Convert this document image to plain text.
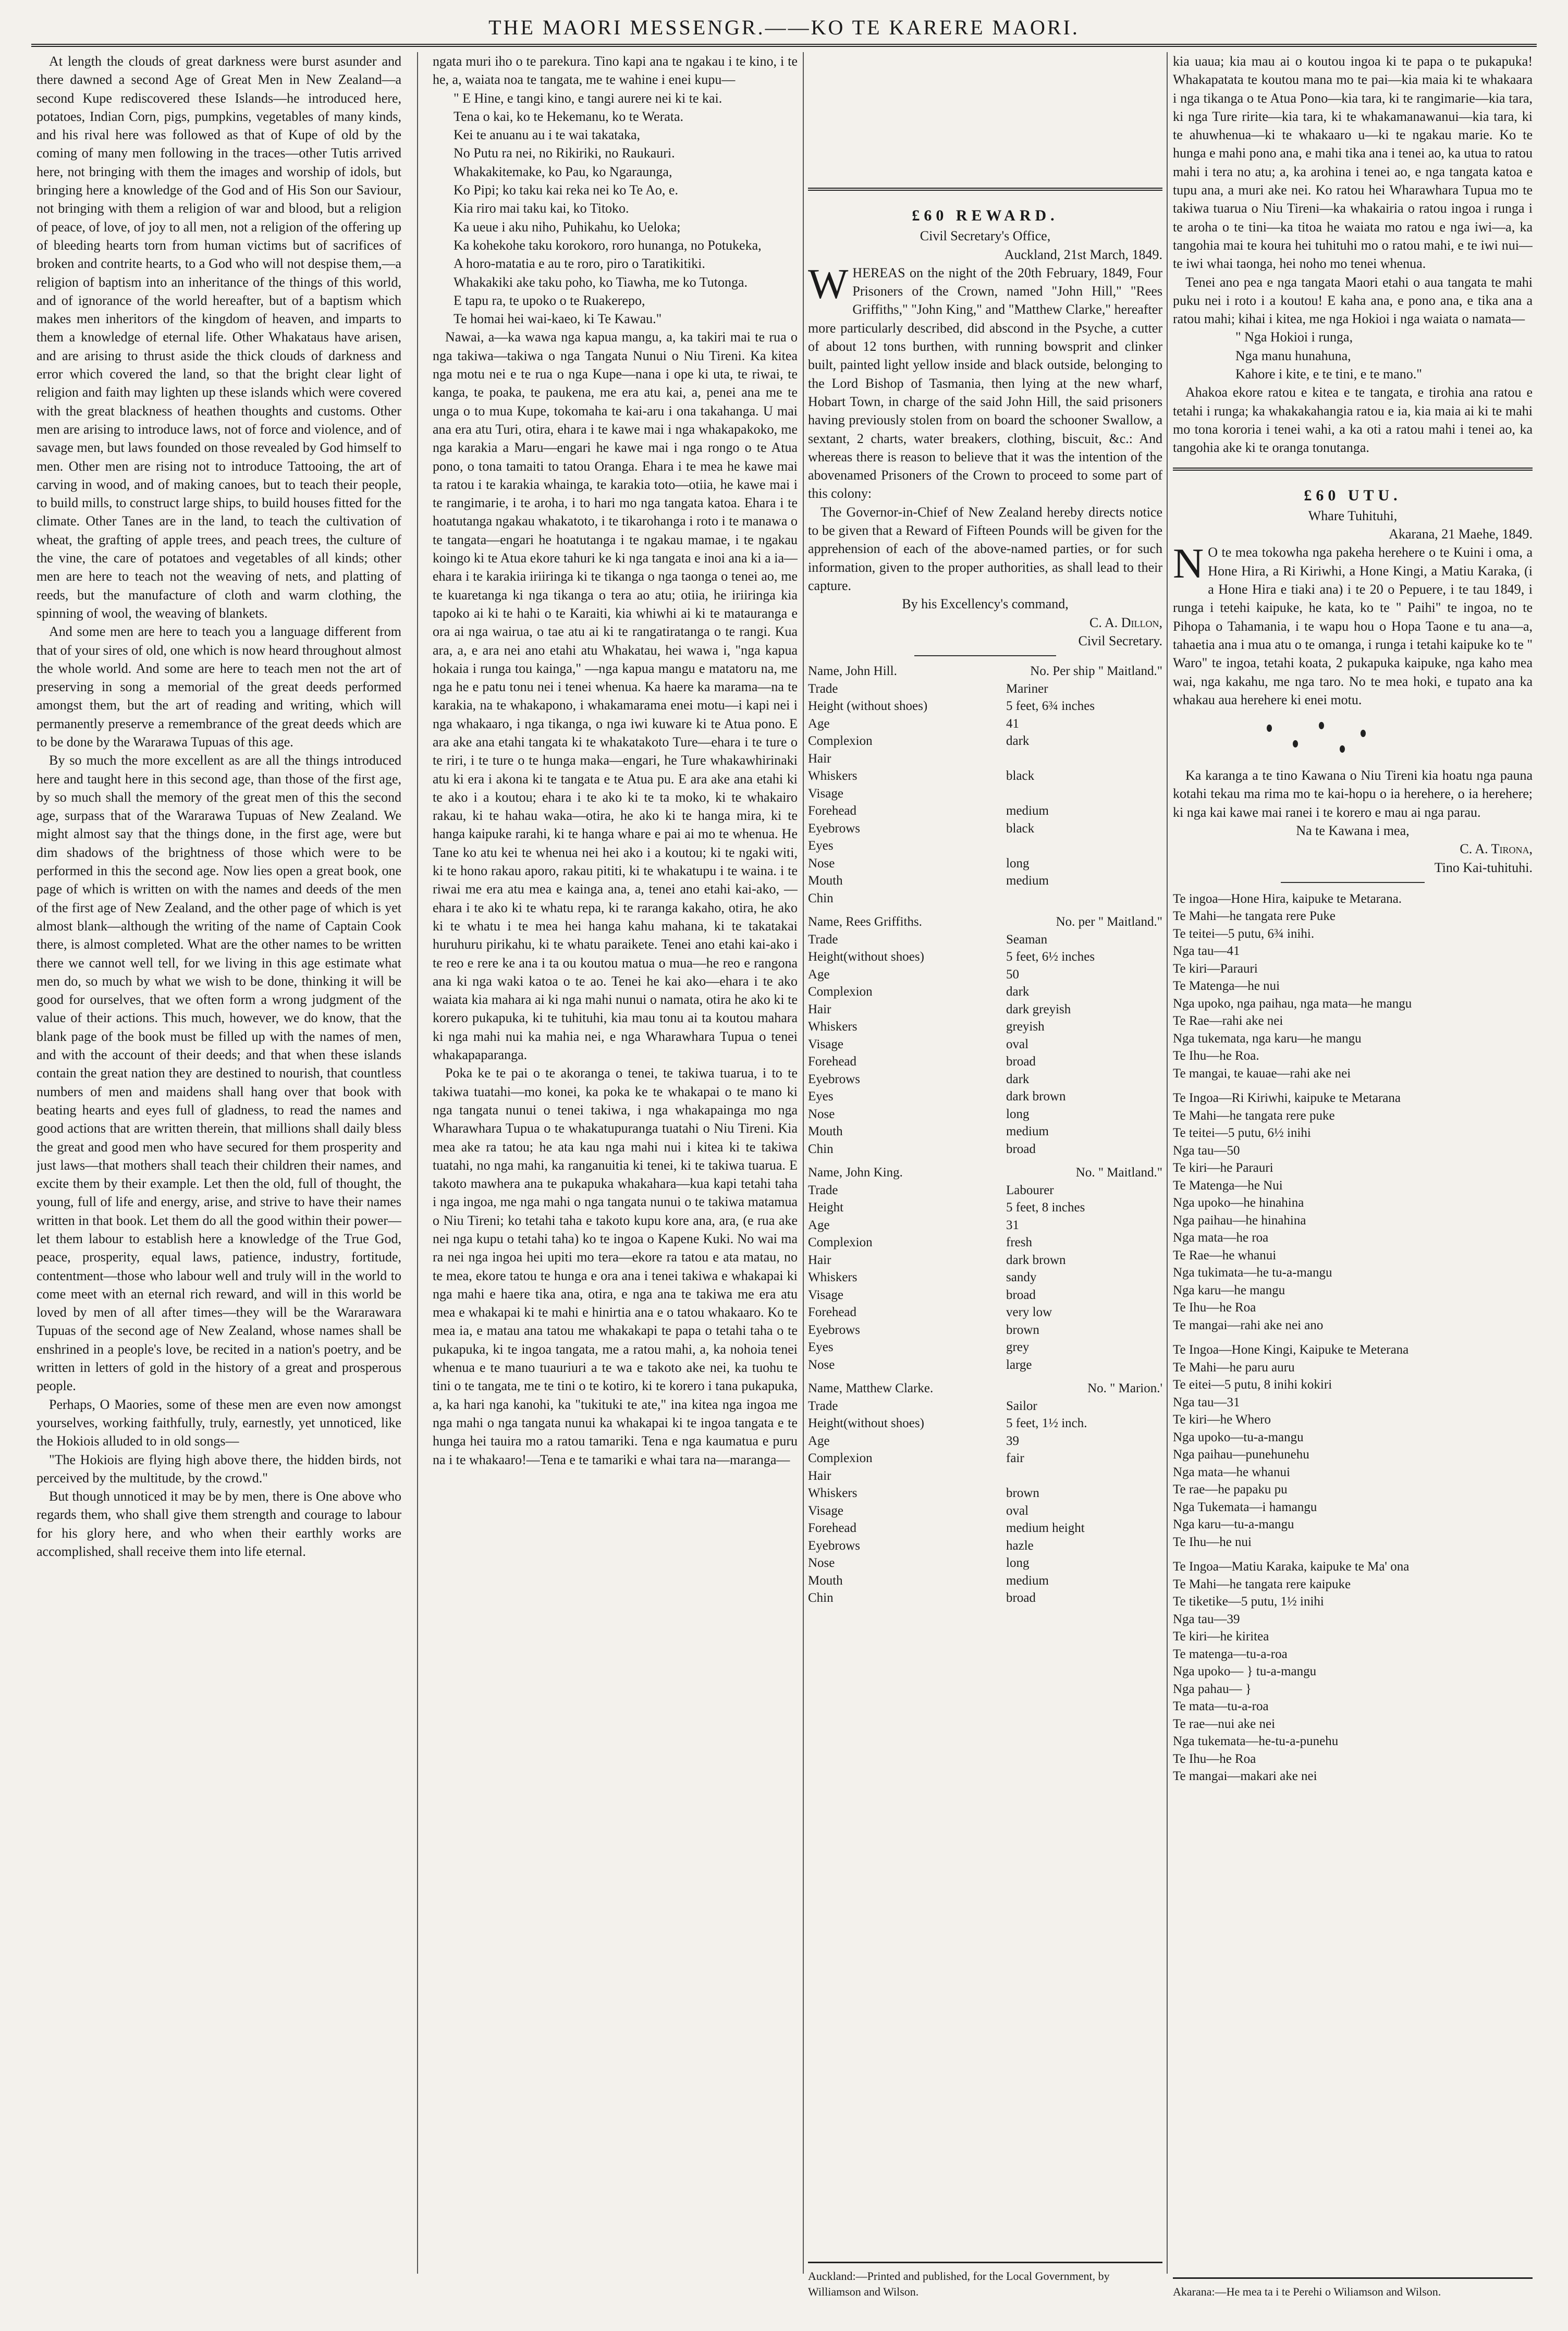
THE MAORI MESSENGR.——KO TE KARERE MAORI.

At length the clouds of great darkness were burst asunder and there dawned a second Age of Great Men in New Zealand—a second Kupe rediscovered these Islands—he introduced here, potatoes, Indian Corn, pigs, pumpkins, vegetables of many kinds, and his rival here was followed as that of Kupe of old by the coming of many men following in the traces—other Tutis arrived here, not bringing with them the images and worship of idols, but bringing here a knowledge of the God and of His Son our Saviour, not bringing with them a religion of war and blood, but a religion of peace, of love, of joy to all men, not a religion of the offering up of bleeding hearts torn from human victims but of sacrifices of broken and contrite hearts, to a God who will not despise them,—a religion of baptism into an inheritance of the things of this world, and of ignorance of the world hereafter, but of a baptism which makes men inheritors of the kingdom of heaven, and imparts to them a knowledge of eternal life. Other Whakataus have arisen, and are arising to thrust aside the thick clouds of darkness and error which covered the land, so that the bright clear light of religion and faith may lighten up these islands which were covered with the great blackness of heathen thoughts and customs. Other men are arising to introduce laws, not of force and violence, and of savage men, but laws founded on those revealed by God himself to men. Other men are rising not to introduce Tattooing, the art of carving in wood, and of making canoes, but to teach their people, to build mills, to construct large ships, to build houses fitted for the climate. Other Tanes are in the land, to teach the cultivation of wheat, the grafting of apple trees, and peach trees, the culture of the vine, the care of potatoes and vegetables of all kinds; other men are here to teach not the weaving of nets, and platting of reeds, but the manufacture of cloth and warm clothing, the spinning of wool, the weaving of blankets.

And some men are here to teach you a language different from that of your sires of old, one which is now heard throughout almost the whole world. And some are here to teach men not the art of preserving in song a memorial of the great deeds performed amongst them, but the art of reading and writing, which will permanently preserve a remembrance of the great deeds which are to be done by the Wararawa Tupuas of this age.

By so much the more excellent as are all the things introduced here and taught here in this second age, than those of the first age, by so much shall the memory of the great men of this the second age, surpass that of the Wararawa Tupuas of New Zealand. We might almost say that the things done, in the first age, were but dim shadows of the brightness of those which were to be performed in this the second age. Now lies open a great book, one page of which is written on with the names and deeds of the men of the first age of New Zealand, and the other page of which is yet almost blank—although the writing of the name of Captain Cook there, is almost completed. What are the other names to be written there we cannot well tell, for we living in this age estimate what men do, so much by what we wish to be done, thinking it will be good for ourselves, that we often form a wrong judgment of the value of their actions. This much, however, we do know, that the blank page of the book must be filled up with the names of men, and with the account of their deeds; and that when these islands contain the great nation they are destined to nourish, that countless numbers of men and maidens shall hang over that book with beating hearts and eyes full of gladness, to read the names and good actions that are written therein, that millions shall daily bless the great and good men who have secured for them prosperity and just laws—that mothers shall teach their children their names, and excite them by their example. Let then the old, full of thought, the young, full of life and energy, arise, and strive to have their names written in that book. Let them do all the good within their power—let them labour to establish here a knowledge of the True God, peace, prosperity, equal laws, patience, industry, fortitude, contentment—those who labour well and truly will in the world to come meet with an eternal rich reward, and will in this world be loved by men of all after times—they will be the Wararawara Tupuas of the second age of New Zealand, whose names shall be enshrined in a people's love, be recited in a nation's poetry, and be written in letters of gold in the history of a great and prosperous people.

Perhaps, O Maories, some of these men are even now amongst yourselves, working faithfully, truly, earnestly, yet unnoticed, like the Hokiois alluded to in old songs—

"The Hokiois are flying high above there, the hidden birds, not perceived by the multitude, by the crowd."

But though unnoticed it may be by men, there is One above who regards them, who shall give them strength and courage to labour for his glory here, and who when their earthly works are accomplished, shall receive them into life eternal.

ngata muri iho o te parekura. Tino kapi ana te ngakau i te kino, i te he, a, waiata noa te tangata, me te wahine i enei kupu—

" E Hine, e tangi kino, e tangi aurere nei ki te kai.
Tena o kai, ko te Hekemanu, ko te Werata.
Kei te anuanu au i te wai takataka,
No Putu ra nei, no Rikiriki, no Raukauri.
Whakakitemake, ko Pau, ko Ngaraunga,
Ko Pipi; ko taku kai reka nei ko Te Ao, e.
Kia riro mai taku kai, ko Titoko.
Ka ueue i aku niho, Puhikahu, ko Ueloka;
Ka kohekohe taku korokoro, roro hunanga, no Potukeka,
A horo-matatia e au te roro, piro o Taratikitiki.
Whakakiki ake taku poho, ko Tiawha, me ko Tutonga.
E tapu ra, te upoko o te Ruakerepo,
Te homai hei wai-kaeo, ki Te Kawau."

Nawai, a—ka wawa nga kapua mangu, a, ka takiri mai te rua o nga takiwa—takiwa o nga Tangata Nunui o Niu Tireni. Ka kitea nga motu nei e te rua o nga Kupe—nana i ope ki uta, te riwai, te kanga, te poaka, te paukena, me era atu kai, a, penei ana me te unga o to mua Kupe, tokomaha te kai-aru i ona takahanga. U mai ana era atu Turi, otira, ehara i te kawe mai i nga whakapakoko, me nga karakia a Maru—engari he kawe mai i nga rongo o te Atua pono, o tona tamaiti to tatou Oranga. Ehara i te mea he kawe mai ta ratou i te karakia whainga, te karakia toto—otiia, he kawe mai i te rangimarie, i te aroha, i to hari mo nga tangata katoa. Ehara i te hoatutanga ngakau whakatoto, i te tikarohanga i roto i te manawa o te tangata—engari he hoatutanga i te ngakau mamae, i te ngakau koingo ki te Atua ekore tahuri ke ki nga tangata e inoi ana ki a ia—ehara i te karakia iriiringa ki te tikanga o nga taonga o tenei ao, me te kuaretanga ki nga tikanga o tera ao atu; otiia, he iriiringa kia tapoko ai ki te hahi o te Karaiti, kia whiwhi ai ki te matauranga e ora ai nga wairua, o tae atu ai ki te rangatiratanga o te rangi. Kua ara, a, e ara nei ano etahi atu Whakatau, hei wawa i, "nga kapua hokaia i runga tou kainga," —nga kapua mangu e matatoru na, me nga he e patu tonu nei i tenei whenua. Ka haere ka marama—na te karakia, na te whakapono, i whakamarama enei motu—i kapi nei i nga whakaaro, i nga tikanga, o nga iwi kuware ki te Atua pono. E ara ake ana etahi tangata ki te whakatakoto Ture—ehara i te ture o te riri, i te ture o te hunga maka—engari, he Ture whakawhirinaki atu ki era i akona ki te tangata e te Atua pu. E ara ake ana etahi ki te ako i a koutou; ehara i te ako ki te ta moko, ki te whakairo rakau, ki te hahau waka—otira, he ako ki te hanga mira, ki te hanga kaipuke rarahi, ki te hanga whare e pai ai mo te whenua. He Tane ko atu kei te whenua nei hei ako i a koutou; ki te ngaki witi, ki te hono rakau aporo, rakau pititi, ki te whakatupu i te waina. i te riwai me era atu mea e kainga ana, a, tenei ano etahi kai-ako, —ehara i te ako ki te whatu repa, ki te raranga kakaho, otira, he ako ki te whatu i te mea hei hanga kahu mahana, ki te takatakai huruhuru pirikahu, ki te whatu paraikete. Tenei ano etahi kai-ako i te reo e rere ke ana i ta ou koutou matua o mua—he reo e rangona ana ki nga waki katoa o te ao. Tenei he kai ako—ehara i te ako waiata kia mahara ai ki nga mahi nunui o namata, otira he ako ki te korero pukapuka, ki te tuhituhi, kia mau tonu ai ta koutou mahara ki nga mahi nui ka mahia nei, e nga Wharawhara Tupua o tenei whakapaparanga.

Poka ke te pai o te akoranga o tenei, te takiwa tuarua, i to te takiwa tuatahi—mo konei, ka poka ke te whakapai o te mano ki nga tangata nunui o tenei takiwa, i nga whakapainga mo nga Wharawhara Tupua o te whakatupuranga tuatahi o Niu Tireni. Kia mea ake ra tatou; he ata kau nga mahi nui i kitea ki te takiwa tuatahi, no nga mahi, ka ranganuitia ki tenei, ki te takiwa tuarua. E takoto mawhera ana te pukapuka whakahara—kua kapi tetahi taha i nga ingoa, me nga mahi o nga tangata nunui o te takiwa matamua o Niu Tireni; ko tetahi taha e takoto kupu kore ana, ara, (e rua ake nei nga kupu o tetahi taha) ko te ingoa o Kapene Kuki. No wai ma ra nei nga ingoa hei upiti mo tera—ekore ra tatou e ata matau, no te mea, ekore tatou te hunga e ora ana i tenei takiwa e whakapai ki nga mahi e haere tika ana, otira, e nga ana te takiwa me era atu mea e whakapai ki te mahi e hinirtia ana e o tatou whakaaro. Ko te mea ia, e matau ana tatou me whakakapi te papa o tetahi taha o te pukapuka, ki te ingoa tangata, me a ratou mahi, a, ka nohoia tenei whenua e te mano tuauriuri a te wa e takoto ake nei, ka tuohu te tini o te tangata, me te tini o te kotiro, ki te korero i tana pukapuka, a, ka hari nga kanohi, ka "tukituki te ate," ina kitea nga ingoa me nga mahi o nga tangata nunui ka whakapai ki te ingoa tangata e te hunga hei tauira mo a ratou tamariki. Tena e nga kaumatua e puru na i te whakaaro!—Tena e te tamariki e whai tara na—maranga—

£60 REWARD.

Civil Secretary's Office,

Auckland, 21st March, 1849.

WHEREAS on the night of the 20th February, 1849, Four Prisoners of the Crown, named "John Hill," "Rees Griffiths," "John King," and "Matthew Clarke," hereafter more particularly described, did abscond in the Psyche, a cutter of about 12 tons burthen, with running bowsprit and clinker built, painted light yellow inside and black outside, belonging to the Lord Bishop of Tasmania, then lying at the new wharf, Hobart Town, in charge of the said John Hill, the said prisoners having previously stolen from on board the schooner Swallow, a sextant, 2 charts, water breakers, clothing, biscuit, &c.: And whereas there is reason to believe that it was the intention of the abovenamed Prisoners of the Crown to proceed to some part of this colony:

The Governor-in-Chief of New Zealand hereby directs notice to be given that a Reward of Fifteen Pounds will be given for the apprehension of each of the above-named parties, or for such information, given to the proper authorities, as shall lead to their capture.

By his Excellency's command,

C. A. Dillon,

Civil Secretary.

Name, John Hill.	No. Per ship " Maitland."
Trade	Mariner
Height (without shoes)	5 feet, 6¾ inches
Age	41
Complexion	dark
Hair
Whiskers	black
Visage
Forehead	medium
Eyebrows	black
Eyes
Nose	long
Mouth	medium
Chin
Name, Rees Griffiths.	No. per " Maitland."
Trade	Seaman
Height(without shoes)	5 feet, 6½ inches
Age	50
Complexion	dark
Hair	dark greyish
Whiskers	greyish
Visage	oval
Forehead	broad
Eyebrows	dark
Eyes	dark brown
Nose	long
Mouth	medium
Chin	broad
Name, John King.	No. " Maitland."
Trade	Labourer
Height	5 feet, 8 inches
Age	31
Complexion	fresh
Hair	dark brown
Whiskers	sandy
Visage	broad
Forehead	very low
Eyebrows	brown
Eyes	grey
Nose	large
Name, Matthew Clarke.	No. " Marion.'
Trade	Sailor
Height(without shoes)	5 feet, 1½ inch.
Age	39
Complexion	fair
Hair
Whiskers	brown
Visage	oval
Forehead	medium height
Eyebrows	hazle
Nose	long
Mouth	medium
Chin	broad

kia uaua; kia mau ai o koutou ingoa ki te papa o te pukapuka! Whakapatata te koutou mana mo te pai—kia maia ki te whakaara i nga tikanga o te Atua Pono—kia tara, ki te rangimarie—kia tara, ki nga Ture ririte—kia tara, ki te whakamanawanui—kia tara, ki te ahuwhenua—ki te whakaaro u—ki te ngakau marie. Ko te hunga e mahi pono ana, e mahi tika ana i tenei ao, ka utua to ratou mahi i tera no atu; a, ka arohina i tenei ao, e nga tangata katoa e tupu ana, a muri ake nei. Ko ratou hei Wharawhara Tupua mo te takiwa tuarua o Niu Tireni—ka whakairia o ratou ingoa i runga i te aroha o te tini—ka titoa he waiata mo ratou e nga iwi—a, ka tangohia mai te koura hei tuhituhi mo o ratou mahi, e te iwi nui—te iwi whai taonga, hei noho mo tenei whenua.

Tenei ano pea e nga tangata Maori etahi o aua tangata te mahi puku nei i roto i a koutou! E kaha ana, e pono ana, e tika ana a ratou mahi; kihai i kitea, me nga Hokioi i nga waiata o namata—

" Nga Hokioi i runga,
Nga manu hunahuna,
Kahore i kite, e te tini, e te mano."

Ahakoa ekore ratou e kitea e te tangata, e tirohia ana ratou e tetahi i runga; ka whakakahangia ratou e ia, kia maia ai ki te mahi mo tona kororia i tenei wahi, a ka oti a ratou mahi i tenei ao, ka tangohia ake ki te oranga tonutanga.

£60 UTU.

Whare Tuhituhi,

Akarana, 21 Maehe, 1849.

N O te mea tokowha nga pakeha herehere o te Kuini i oma, a Hone Hira, a Ri Kiriwhi, a Hone Kingi, a Matiu Karaka, (i a Hone Hira e tiaki ana) i te 20 o Pepuere, i te tau 1849, i runga i tetehi kaipuke, he kata, ko te " Paihi" te ingoa, no te Pihopa o Tahamania, i te wapu hou o Hopa Taone e tu ana—a, tahaetia ana i mua atu o te omanga, i runga i tetahi kaipuke ko te " Waro" te ingoa, tetahi koata, 2 pukapuka kaipuke, nga kaho mea wai, nga kakahu, me nga taro. No te mea hoki, e tupato ana ka whakau aua herehere ki enei motu.

Ka karanga a te tino Kawana o Niu Tireni kia hoatu nga pauna kotahi tekau ma rima mo te kai-hopu o ia herehere, o ia herehere; ki nga kai kawe mai ranei i te korero e mau ai nga parau.

Na te Kawana i mea,

C. A. Tirona,

Tino Kai-tuhituhi.

Te ingoa—Hone Hira, kaipuke te Metarana.
Te Mahi—he tangata rere Puke
Te teitei—5 putu, 6¾ inihi.
Nga tau—41
Te kiri—Parauri
Te Matenga—he nui
Nga upoko, nga paihau, nga mata—he mangu
Te Rae—rahi ake nei
Nga tukemata, nga karu—he mangu
Te Ihu—he Roa.
Te mangai, te kauae—rahi ake nei
Te Ingoa—Ri Kiriwhi, kaipuke te Metarana
Te Mahi—he tangata rere puke
Te teitei—5 putu, 6½ inihi
Nga tau—50
Te kiri—he Parauri
Te Matenga—he Nui
Nga upoko—he hinahina
Nga paihau—he hinahina
Nga mata—he roa
Te Rae—he whanui
Nga tukimata—he tu-a-mangu
Nga karu—he mangu
Te Ihu—he Roa
Te mangai—rahi ake nei ano
Te Ingoa—Hone Kingi, Kaipuke te Meterana
Te Mahi—he paru auru
Te eitei—5 putu, 8 inihi kokiri
Nga tau—31
Te kiri—he Whero
Nga upoko—tu-a-mangu
Nga paihau—punehunehu
Nga mata—he whanui
Te rae—he papaku pu
Nga Tukemata—i hamangu
Nga karu—tu-a-mangu
Te Ihu—he nui
Te Ingoa—Matiu Karaka, kaipuke te Ma' ona
Te Mahi—he tangata rere kaipuke
Te tiketike—5 putu, 1½ inihi
Nga tau—39
Te kiri—he kiritea
Te matenga—tu-a-roa
Nga upoko— } tu-a-mangu
Nga pahau— }
Te mata—tu-a-roa
Te rae—nui ake nei
Nga tukemata—he-tu-a-punehu
Te Ihu—he Roa
Te mangai—makari ake nei
Auckland:—Printed and published, for the Local Government, by Williamson and Wilson.	Akarana:—He mea ta i te Perehi o Wiliamson and Wilson.
